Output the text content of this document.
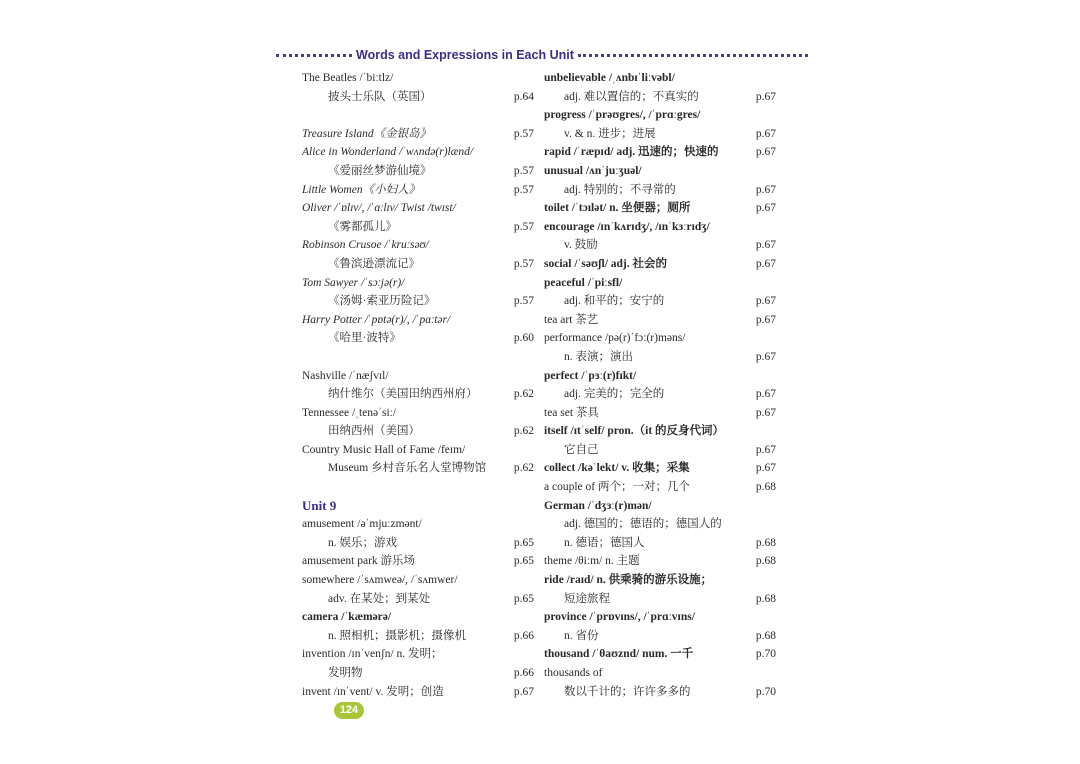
Words and Expressions in Each Unit
The Beatles /ˈbiːtlz/
披头士乐队（英国）	p.64
Treasure Island《金银岛》	p.57
Alice in Wonderland /ˈwʌndə(r)lænd/
《爱丽丝梦游仙境》	p.57
Little Women《小妇人》	p.57
Oliver /ˈɒlɪv/, /ˈɑːlɪv/ Twist /twɪst/
《雾都孤儿》	p.57
Robinson Crusoe /ˈkruːsəʊ/
《鲁滨逊漂流记》	p.57
Tom Sawyer /ˈsɔːjə(r)/
《汤姆·索亚历险记》	p.57
Harry Potter /ˈpɒtə(r)/, /ˈpɑːtər/
《哈里·波特》	p.60
Nashville /ˈnæʃvɪl/
纳什维尔（美国田纳西州府）	p.62
Tennessee /ˌtenəˈsiː/
田纳西州（美国）	p.62
Country Music Hall of Fame /feɪm/
Museum 乡村音乐名人堂博物馆 p.62
Unit 9
amusement /əˈmjuːzmənt/
n. 娱乐；游戏	p.65
amusement park 游乐场	p.65
somewhere /ˈsʌmweə/, /ˈsʌmwer/
adv. 在某处；到某处	p.65
camera /ˈkæmərə/
n. 照相机；摄影机；摄像机	p.66
invention /ɪnˈvenʃn/ n. 发明；
发明物	p.66
invent /ɪnˈvent/ v. 发明；创造	p.67
unbelievable /ˌʌnbɪˈliːvəbl/
adj. 难以置信的；不真实的	p.67
progress /ˈprəʊgres/, /ˈprɑːgres/
v. & n. 进步；进展	p.67
rapid /ˈræpɪd/ adj. 迅速的；快速的	p.67
unusual /ʌnˈjuːʒuəl/
adj. 特别的；不寻常的	p.67
toilet /ˈtɔɪlət/ n. 坐便器；厕所	p.67
encourage /ɪnˈkʌrɪdʒ/, /ɪnˈkɜːrɪdʒ/
v. 鼓励	p.67
social /ˈsəʊʃl/ adj. 社会的	p.67
peaceful /ˈpiːsfl/
adj. 和平的；安宁的	p.67
tea art 茶艺	p.67
performance /pə(r)ˈfɔː(r)məns/
n. 表演；演出	p.67
perfect /ˈpɜː(r)fɪkt/
adj. 完美的；完全的	p.67
tea set 茶具	p.67
itself /ɪtˈself/ pron.（it 的反身代词）
它自己	p.67
collect /kəˈlekt/ v. 收集；采集	p.67
a couple of 两个；一对；几个	p.68
German /ˈdʒɜː(r)mən/
adj. 德国的；德语的；德国人的
n. 德语；德国人	p.68
theme /θiːm/ n. 主题	p.68
ride /raɪd/ n. 供乘骑的游乐设施；
短途旅程	p.68
province /ˈprɒvɪns/, /ˈprɑːvɪns/
n. 省份	p.68
thousand /ˈθaʊznd/ num. 一千	p.70
thousands of
数以千计的；许许多多的	p.70
124
